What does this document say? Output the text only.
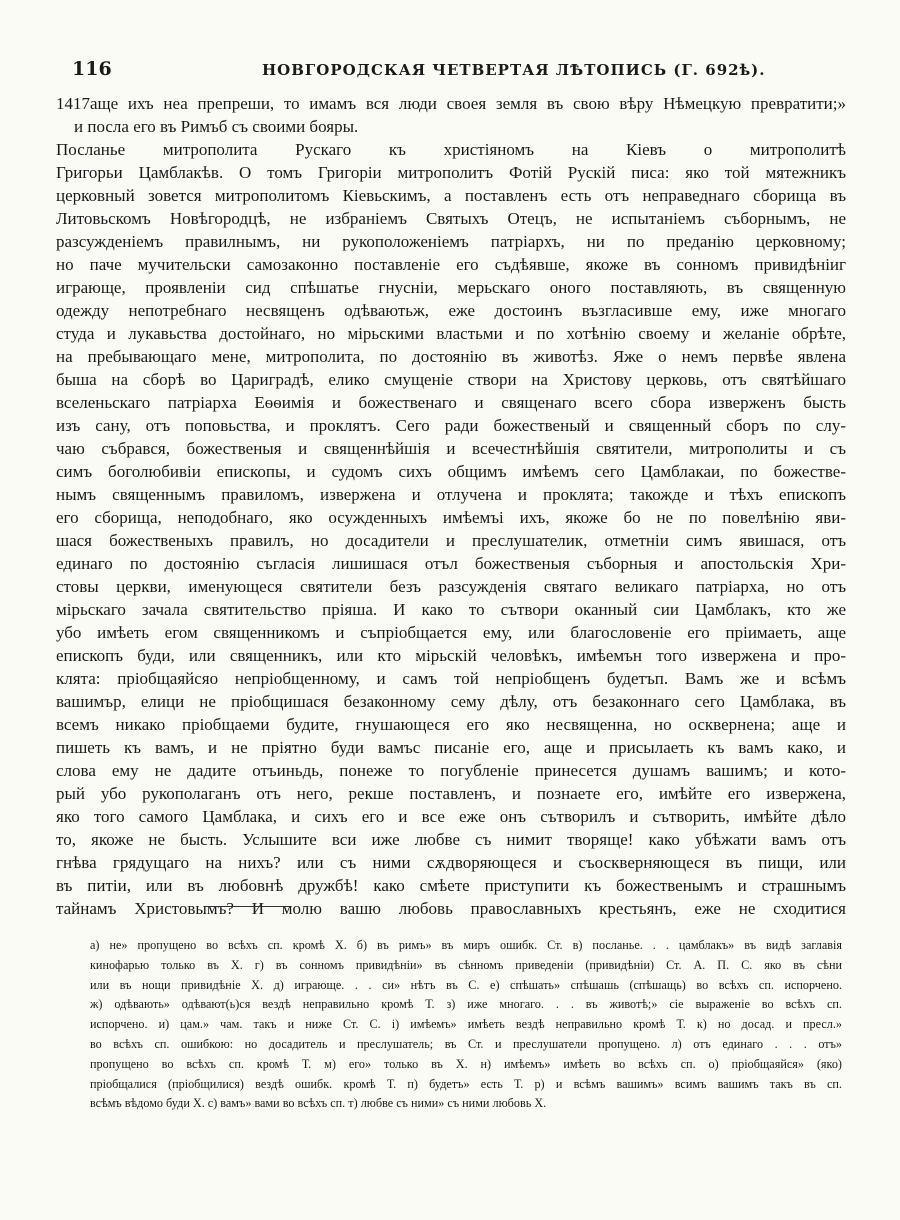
116	НОВГОРОДСКАЯ ЧЕТВЕРТАЯ ЛѢТОПИСЬ (Г. 692ѣ).
1417аще ихъ неа препреши, то имамъ вся люди своея земля въ свою вѣру Нѣмецкую превратити;»
и посла его въ Римъб съ своими бояры.
Посланье митрополита Рускаго къ христіяномъ на Кіевъ о митрополитѣ
Григорьи Цамблакѣв. О томъ Григоріи митрополитъ Фотій Рускій писа: яко той мятежникъ
церковный зовется митрополитомъ Кіевьскимъ, а поставленъ есть отъ неправеднаго сборища въ
Литовьскомъ Новѣгородцѣ, не избраніемъ Святыхъ Отецъ, не испытаніемъ съборнымъ, не
разсужденіемъ правилнымъ, ни рукоположеніемъ патріархъ, ни по преданію церковному;
но паче мучительски самозаконно поставленіе его съдѣявше, якоже въ сонномъ привидѣніиг
играюще, проявленіи сид спѣшатье гнусніи, мерьскаго оного поставляють, въ священную
одежду непотребнаго несвященъ одѣваютьж, еже достоинъ възгласивше ему, иже многаго
студа и лукавьства достойнаго, но мірьскими властьми и по хотѣнію своему и желаніе обрѣте,
на пребывающаго мене, митрополита, по достоянію въ животѣз. Яже о немъ первѣе явлена
быша на сборѣ во Цариградѣ, елико смущеніе створи на Христову церковь, отъ святѣйшаго
вселеньскаго патріарха Еѳѳимія и божественаго и священаго всего сбора изверженъ бысть
изъ сану, отъ поповьства, и проклятъ. Сего ради божественый и священный сборъ по слу-
чаю събрався, божественыя и священнѣйшія и всечестнѣйшія святители, митрополиты и съ
симъ боголюбивіи епископы, и судомъ сихъ общимъ имѣемъ сего Цамблакаи, по божестве-
нымъ священнымъ правиломъ, извержена и отлучена и проклята; такожде и тѣхъ епископъ
его сборища, неподобнаго, яко осужденныхъ имѣемъі ихъ, якоже бо не по повелѣнію яви-
шася божественыхъ правилъ, но досадители и преслушателик, отметніи симъ явишася, отъ
единаго по достоянію съгласія лишишася отъл божественыя съборныя и апостольскія Хри-
стовы церкви, именующеся святители безъ разсужденія святаго великаго патріарха, но отъ
мірьскаго зачала святительство пріяша. И како то сътвори оканный сии Цамблакъ, кто же
убо имѣеть егом священникомъ и съпріобщается ему, или благословеніе его пріимаеть, аще
епископъ буди, или священникъ, или кто мірьскій человѣкъ, имѣемън того извержена и про-
клята: пріобщаяйсяо непріобщенному, и самъ той непріобщенъ будетъп. Вамъ же и всѣмъ
вашимър, елици не пріобщишася безаконному сему дѣлу, отъ безаконнаго сего Цамблака, въ
всемъ никако пріобщаеми будите, гнушающеся его яко несвященна, но осквернена; аще и
пишеть къ вамъ, и не пріятно буди вамъс писаніе его, аще и присылаеть къ вамъ како, и
слова ему не дадите отъиньдь, понеже то погубленіе принесется душамъ вашимъ; и кото-
рый убо рукополаганъ отъ него, рекше поставленъ, и познаете его, имѣйте его извержена,
яко того самого Цамблака, и сихъ его и все еже онъ сътворилъ и сътворить, имѣйте дѣло
то, якоже не бысть. Услышите вси иже любве съ нимит творяще! како убѣжати вамъ отъ
гнѣва грядущаго на нихъ? или съ ними сѫдворяющеся и съоскверняющеся въ пищи, или
въ питіи, или въ любовнѣ дружбѣ! како смѣете приступити къ божественымъ и страшнымъ
тайнамъ Христовымъ? И молю вашю любовь православныхъ крестьянъ, еже не сходитися
а) не» пропущено во всѣхъ сп. кромѣ Х. б) въ римъ» въ миръ ошибк. Ст. в) посланье. . . цамблакъ» въ видѣ заглавія
кинофарью только въ Х. г) въ сонномъ привидѣніи» въ сѣнномъ приведеніи (привидѣніи) Ст. А. П. С. яко въ сѣни
или въ нощи привидѣніе Х. д) играюще. . . си» нѣтъ въ С. е) спѣшать» спѣшашь (спѣшащь) во всѣхъ сп. испорчено.
ж) одѣвають» одѣвают(ь)ся вездѣ неправильно кромѣ Т. з) иже многаго. . . въ животѣ;» сіе выраженіе во всѣхъ сп.
испорчено. и) цам.» чам. такъ и ниже Ст. С. і) имѣемъ» имѣеть вездѣ неправильно кромѣ Т. к) но досад. и пресл.»
во всѣхъ сп. ошибкою: но досадитель и преслушатель; въ Ст. и преслушатели пропущено. л) отъ единаго . . . отъ»
пропущено во всѣхъ сп. кромѣ Т. м) его» только въ Х. н) имѣемъ» имѣеть во всѣхъ сп. о) пріобщаяйся» (яко)
пріобщалися (пріобщилися) вездѣ ошибк. кромѣ Т. п) будетъ» есть Т. р) и всѣмъ вашимъ» всимъ вашимъ такъ въ сп.
всѣмъ вѣдомо буди Х. с) вамъ» вами во всѣхъ сп. т) любве съ ними» съ ними любовь Х.
